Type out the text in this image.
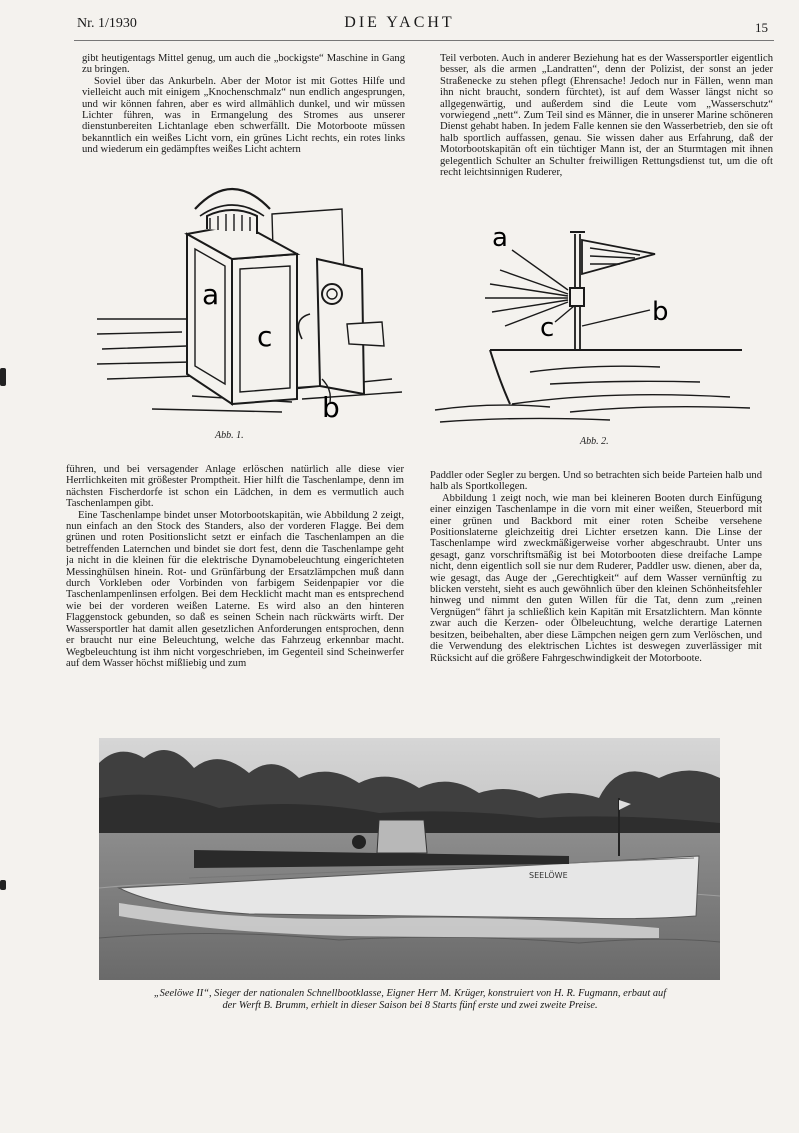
Nr. 1/1930	DIE YACHT	15

gibt heutigentags Mittel genug, um auch die „bockigste“ Maschine in Gang zu bringen.

Soviel über das Ankurbeln. Aber der Motor ist mit Gottes Hilfe und vielleicht auch mit einigem „Knochenschmalz“ nun endlich angesprungen, und wir können fahren, aber es wird allmählich dunkel, und wir müssen Lichter führen, was in Ermangelung des Stromes aus unserer dienstunbereiten Lichtanlage eben schwerfällt. Die Motorboote müssen bekanntlich ein weißes Licht vorn, ein grünes Licht rechts, ein rotes links und wiederum ein gedämpftes weißes Licht achtern

Teil verboten. Auch in anderer Beziehung hat es der Wassersportler eigentlich besser, als die armen „Landratten“, denn der Polizist, der sonst an jeder Straßenecke zu stehen pflegt (Ehrensache! Jedoch nur in Fällen, wenn man ihn nicht braucht, sondern fürchtet), ist auf dem Wasser längst nicht so allgegenwärtig, und außerdem sind die Leute vom „Wasserschutz“ vorwiegend „nett“. Zum Teil sind es Männer, die in unserer Marine schöneren Dienst gehabt haben. In jedem Falle kennen sie den Wasserbetrieb, den sie oft halb sportlich auffassen, genau. Sie wissen daher aus Erfahrung, daß der Motorbootskapitän oft ein tüchtiger Mann ist, der an Sturmtagen mit ihnen gelegentlich Schulter an Schulter freiwilligen Rettungsdienst tut, um die oft recht leichtsinnigen Ruderer,

a
c
b
Abb. 1.
a
c
b
Abb. 2.

führen, und bei versagender Anlage erlöschen natürlich alle diese vier Herrlichkeiten mit größester Promptheit. Hier hilft die Taschenlampe, denn im nächsten Fischerdorfe ist schon ein Lädchen, in dem es vermutlich auch Taschenlampen gibt.

Eine Taschenlampe bindet unser Motorbootskapitän, wie Abbildung 2 zeigt, nun einfach an den Stock des Standers, also der vorderen Flagge. Bei dem grünen und roten Positionslicht setzt er einfach die Taschenlampen an die betreffenden Laternchen und bindet sie dort fest, denn die Taschenlampe geht ja nicht in die kleinen für die elektrische Dynamobeleuchtung eingerichteten Messinghülsen hinein. Rot- und Grünfärbung der Ersatzlämpchen muß dann durch Vorkleben oder Vorbinden von farbigem Seidenpapier vor die Taschenlampenlinsen erfolgen. Bei dem Hecklicht macht man es entsprechend wie bei der vorderen weißen Laterne. Es wird also an den hinteren Flaggenstock gebunden, so daß es seinen Schein nach rückwärts wirft. Der Wassersportler hat damit allen gesetzlichen Anforderungen entsprochen, denn er braucht nur eine Beleuchtung, welche das Fahrzeug erkennbar macht. Wegbeleuchtung ist ihm nicht vorgeschrieben, im Gegenteil sind Scheinwerfer auf dem Wasser höchst mißliebig und zum

Paddler oder Segler zu bergen. Und so betrachten sich beide Parteien halb und halb als Sportkollegen.

Abbildung 1 zeigt noch, wie man bei kleineren Booten durch Einfügung einer einzigen Taschenlampe in die vorn mit einer weißen, Steuerbord mit einer grünen und Backbord mit einer roten Scheibe versehene Positionslaterne gleichzeitig drei Lichter ersetzen kann. Die Linse der Taschenlampe wird zweckmäßigerweise vorher abgeschraubt. Unter uns gesagt, ganz vorschriftsmäßig ist bei Motorbooten diese dreifache Lampe nicht, denn eigentlich soll sie nur dem Ruderer, Paddler usw. dienen, aber da, wie gesagt, das Auge der „Gerechtigkeit“ auf dem Wasser vernünftig zu blicken versteht, sieht es auch gewöhnlich über den kleinen Schönheitsfehler hinweg und nimmt den guten Willen für die Tat, denn zum „reinen Vergnügen“ fährt ja schließlich kein Kapitän mit Ersatzlichtern. Man könnte zwar auch die Kerzen- oder Ölbeleuchtung, welche derartige Laternen besitzen, beibehalten, aber diese Lämpchen neigen gern zum Verlöschen, und die Verwendung des elektrischen Lichtes ist deswegen zuverlässiger mit Rücksicht auf die größere Fahrgeschwindigkeit der Motorboote.

SEELÖWE
„Seelöwe II“, Sieger der nationalen Schnellbootklasse, Eigner Herr M. Krüger, konstruiert von H. R. Fugmann, erbaut auf
der Werft B. Brumm, erhielt in dieser Saison bei 8 Starts fünf erste und zwei zweite Preise.
